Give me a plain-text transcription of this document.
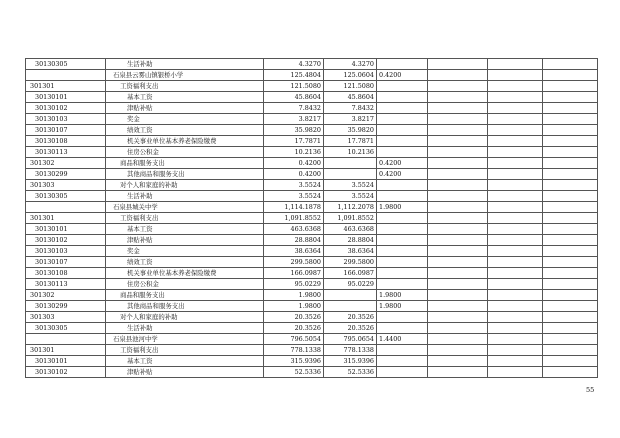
30130305	生活补助	4.3270	4.3270				
	石泉县云雾山镇银桥小学	125.4804	125.0604	0.4200			
301301	工资福利支出	121.5080	121.5080				
30130101	基本工资	45.8604	45.8604				
30130102	津贴补贴	7.8432	7.8432				
30130103	奖金	3.8217	3.8217				
30130107	绩效工资	35.9820	35.9820				
30130108	机关事业单位基本养老保险缴费	17.7871	17.7871				
30130113	住房公积金	10.2136	10.2136				
301302	商品和服务支出	0.4200		0.4200			
30130299	其他商品和服务支出	0.4200		0.4200			
301303	对个人和家庭的补助	3.5524	3.5524				
30130305	生活补助	3.5524	3.5524				
	石泉县城关中学	1,114.1878	1,112.2078	1.9800			
301301	工资福利支出	1,091.8552	1,091.8552				
30130101	基本工资	463.6368	463.6368				
30130102	津贴补贴	28.8804	28.8804				
30130103	奖金	38.6364	38.6364				
30130107	绩效工资	299.5800	299.5800				
30130108	机关事业单位基本养老保险缴费	166.0987	166.0987				
30130113	住房公积金	95.0229	95.0229				
301302	商品和服务支出	1.9800		1.9800			
30130299	其他商品和服务支出	1.9800		1.9800			
301303	对个人和家庭的补助	20.3526	20.3526				
30130305	生活补助	20.3526	20.3526				
	石泉县池河中学	796.5054	795.0654	1.4400			
301301	工资福利支出	778.1338	778.1338				
30130101	基本工资	315.9396	315.9396				
30130102	津贴补贴	52.5336	52.5336				
55
